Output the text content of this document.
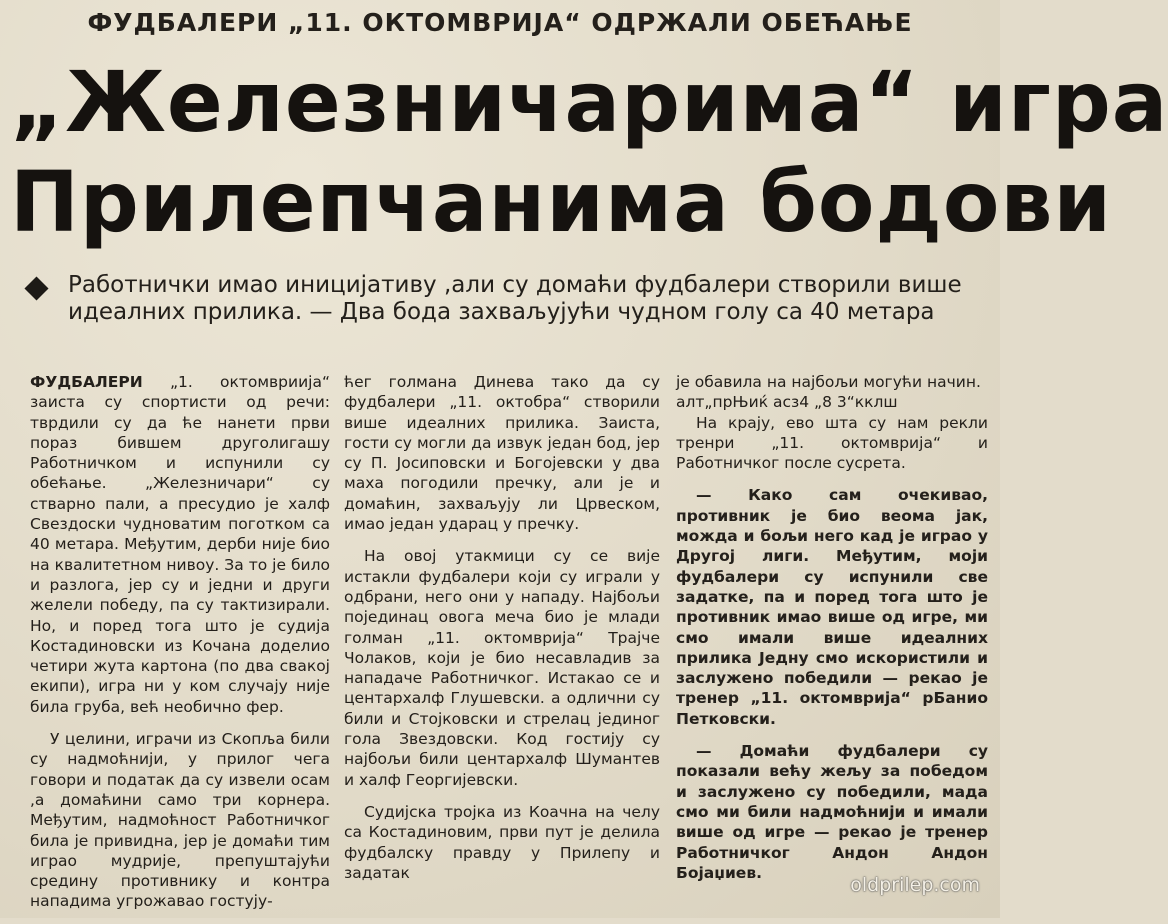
ФУДБАЛЕРИ „11. ОКТОМВРИЈА“ ОДРЖАЛИ ОБЕЋАЊЕ
„Железничарима“ игра
Прилепчанима бодови
Работнички имао иницијативу ,али су домаћи фудбалери створили више идеалних прилика. — Два бода захваљујући чудном голу са 40 метара

ФУДБАЛЕРИ „1. октомвриија“ заиста су спортисти од речи: тврдили су да ће нанети први пораз бившем друголигашу Работничком и испунили су обећање. „Железничари“ су стварно пали, а пресудио је халф Свездоски чудноватим поготком са 40 метара. Међутим, дерби није био на квалитетном нивоу. За то је било и разлога, јер су и једни и други желели победу, па су тактизирали. Но, и поред тога што је судија Костадиновски из Кочана доделио четири жута картона (по два свакој екипи), игра ни у ком случају није била груба, већ необично фер.

У целини, играчи из Скопља били су надмоћнији, у прилог чега говори и податак да су извели осам ,а домаћини само три корнера. Међутим, надмоћност Работничког била је привидна, јер је домаћи тим играо мудрије, препуштајући средину противнику и контра нападима угрожавао гостују-

ћег голмана Динева тако да су фудбалери „11. октобра“ створили више идеалних прилика. Заиста, гости су могли да извук један бод, јер су П. Јосиповски и Богојевски у два маха погодили пречку, али је и домаћин, захваљују ли Црвеском, имао један ударац у пречку.

На овој утакмици су се вије истакли фудбалери који су играли у одбрани, него они у нападу. Најбољи појединац овога меча био је млади голман „11. октомврија“ Трајче Чолаков, који је био несавладив за нападаче Работничког. Истакао се и центархалф Глушевски. а одлични су били и Стојковски и стрелац јединог гола Звездовски. Код гостију су најбољи били центархалф Шумантев и халф Георгијевски.

Судијска тројка из Коачна на челу са Костадиновим, први пут је делила фудбалску правду у Прилепу и задатак

је обавила на најбољи могући начин.

алт„прЊиќ асз4 „8 3“кклш

На крају, ево шта су нам рекли тренри „11. октомврија“ и Работничког после сусрета.

— Како сам очекивао, противник је био веома јак, можда и бољи него кад је играо у Другој лиги. Међутим, моји фудбалери су испунили све задатке, па и поред тога што је противник имао више од игре, ми смо имали више идеалних прилика Једну смо искористили и заслужено победили — рекао је тренер „11. октомврија“ рБанио Петковски.

— Домаћи фудбалери су показали већу жељу за победом и заслужено су победили, мада смо ми били надмоћнији и имали више од игре — рекао је тренер Работничког Андон Андон Бојаџиев.

oldprilep.com
